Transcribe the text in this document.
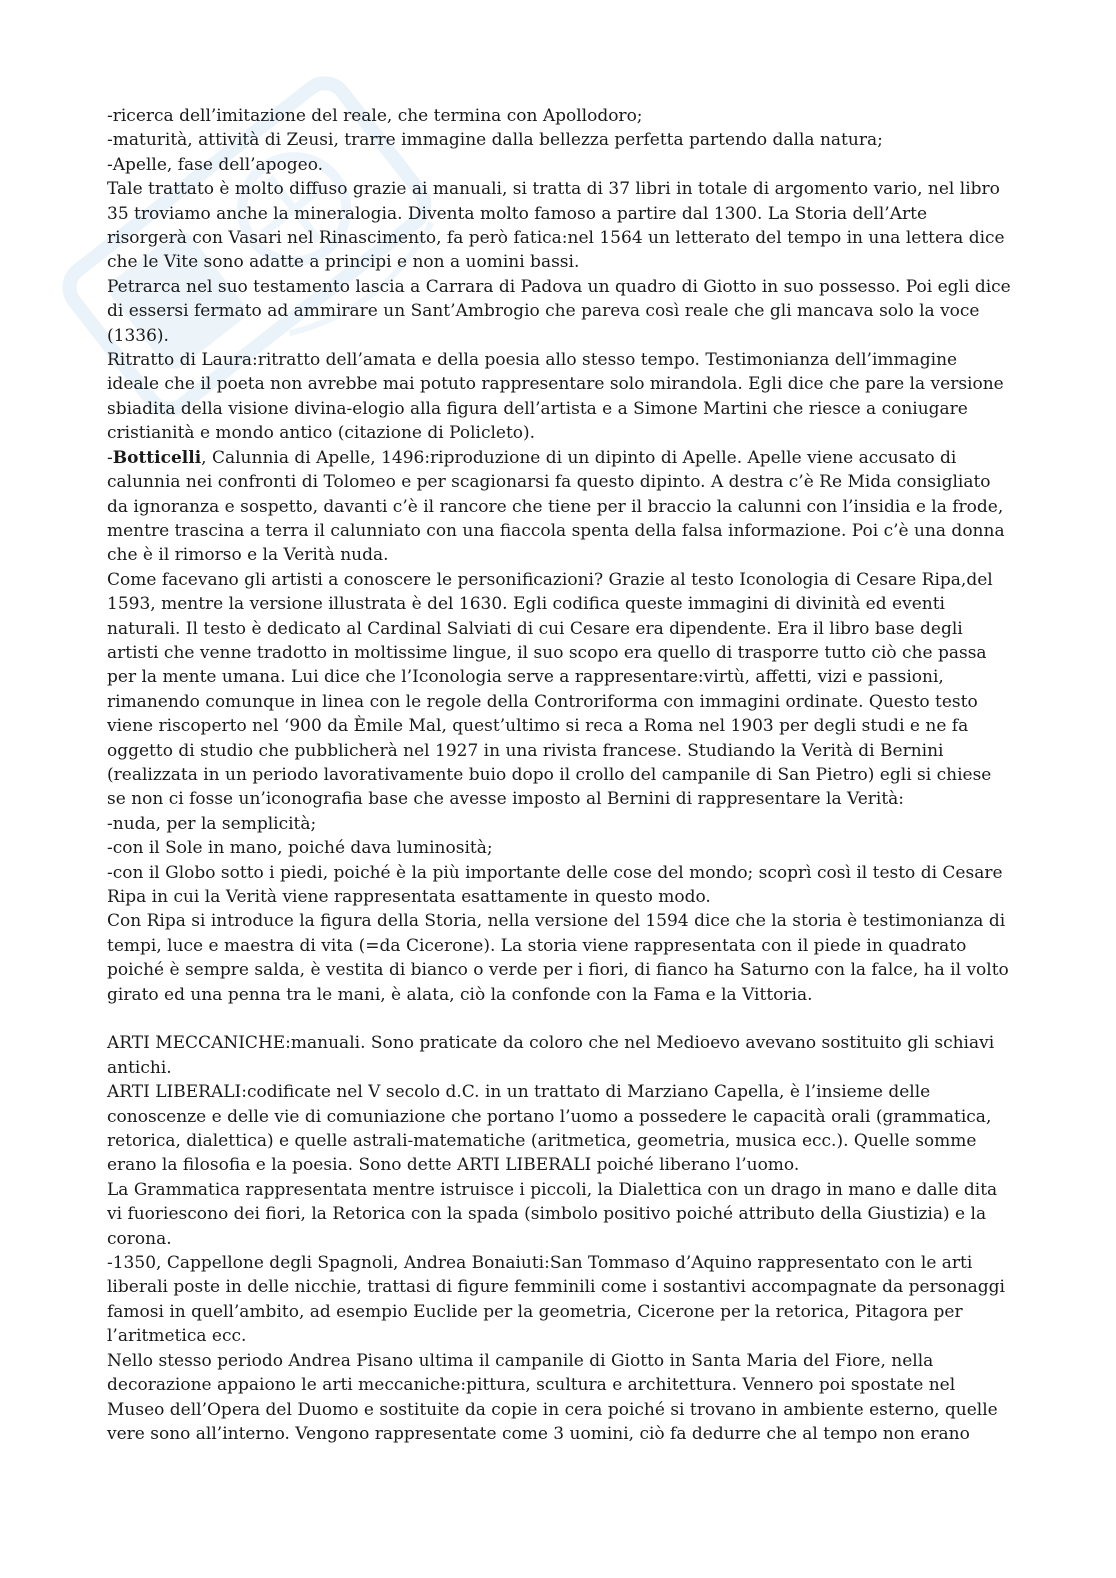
-ricerca dell’imitazione del reale, che termina con Apollodoro;

-maturità, attività di Zeusi, trarre immagine dalla bellezza perfetta partendo dalla natura;

-Apelle, fase dell’apogeo.

Tale trattato è molto diffuso grazie ai manuali, si tratta di 37 libri in totale di argomento vario, nel libro 35 troviamo anche la mineralogia. Diventa molto famoso a partire dal 1300. La Storia dell’Arte risorgerà con Vasari nel Rinascimento, fa però fatica:nel 1564 un letterato del tempo in una lettera dice che le Vite sono adatte a principi e non a uomini bassi.

Petrarca nel suo testamento lascia a Carrara di Padova un quadro di Giotto in suo possesso. Poi egli dice di essersi fermato ad ammirare un Sant’Ambrogio che pareva così reale che gli mancava solo la voce (1336).

Ritratto di Laura:ritratto dell’amata e della poesia allo stesso tempo. Testimonianza dell’immagine ideale che il poeta non avrebbe mai potuto rappresentare solo mirandola. Egli dice che pare la versione sbiadita della visione divina-elogio alla figura dell’artista e a Simone Martini che riesce a coniugare cristianità e mondo antico (citazione di Policleto).

-Botticelli, Calunnia di Apelle, 1496:riproduzione di un dipinto di Apelle. Apelle viene accusato di calunnia nei confronti di Tolomeo e per scagionarsi fa questo dipinto. A destra c’è Re Mida consigliato da ignoranza e sospetto, davanti c’è il rancore che tiene per il braccio la calunni con l’insidia e la frode, mentre trascina a terra il calunniato con una fiaccola spenta della falsa informazione. Poi c’è una donna che è il rimorso e la Verità nuda.

Come facevano gli artisti a conoscere le personificazioni? Grazie al testo Iconologia di Cesare Ripa,del 1593, mentre la versione illustrata è del 1630. Egli codifica queste immagini di divinità ed eventi naturali. Il testo è dedicato al Cardinal Salviati di cui Cesare era dipendente. Era il libro base degli artisti che venne tradotto in moltissime lingue, il suo scopo era quello di trasporre tutto ciò che passa per la mente umana. Lui dice che l’Iconologia serve a rappresentare:virtù, affetti, vizi e passioni, rimanendo comunque in linea con le regole della Controriforma con immagini ordinate. Questo testo viene riscoperto nel ‘900 da Èmile Mal, quest’ultimo si reca a Roma nel 1903 per degli studi e ne fa oggetto di studio che pubblicherà nel 1927 in una rivista francese. Studiando la Verità di Bernini (realizzata in un periodo lavorativamente buio dopo il crollo del campanile di San Pietro) egli si chiese se non ci fosse un’iconografia base che avesse imposto al Bernini di rappresentare la Verità:

-nuda, per la semplicità;

-con il Sole in mano, poiché dava luminosità;

-con il Globo sotto i piedi, poiché è la più importante delle cose del mondo; scoprì così il testo di Cesare Ripa in cui la Verità viene rappresentata esattamente in questo modo.

Con Ripa si introduce la figura della Storia, nella versione del 1594 dice che la storia è testimonianza di tempi, luce e maestra di vita (=da Cicerone). La storia viene rappresentata con il piede in quadrato poiché è sempre salda, è vestita di bianco o verde per i fiori, di fianco ha Saturno con la falce, ha il volto girato ed una penna tra le mani, è alata, ciò la confonde con la Fama e la Vittoria.

ARTI MECCANICHE:manuali. Sono praticate da coloro che nel Medioevo avevano sostituito gli schiavi antichi.

ARTI LIBERALI:codificate nel V secolo d.C. in un trattato di Marziano Capella, è l’insieme delle conoscenze e delle vie di comuniazione che portano l’uomo a possedere le capacità orali (grammatica, retorica, dialettica) e quelle astrali-matematiche (aritmetica, geometria, musica ecc.). Quelle somme erano la filosofia e la poesia. Sono dette ARTI LIBERALI poiché liberano l’uomo.

La Grammatica rappresentata mentre istruisce i piccoli, la Dialettica con un drago in mano e dalle dita vi fuoriescono dei fiori, la Retorica con la spada (simbolo positivo poiché attributo della Giustizia) e la corona.

-1350, Cappellone degli Spagnoli, Andrea Bonaiuti:San Tommaso d’Aquino rappresentato con le arti liberali poste in delle nicchie, trattasi di figure femminili come i sostantivi accompagnate da personaggi famosi in quell’ambito, ad esempio Euclide per la geometria, Cicerone per la retorica, Pitagora per l’aritmetica ecc.

Nello stesso periodo Andrea Pisano ultima il campanile di Giotto in Santa Maria del Fiore, nella decorazione appaiono le arti meccaniche:pittura, scultura e architettura. Vennero poi spostate nel Museo dell’Opera del Duomo e sostituite da copie in cera poiché si trovano in ambiente esterno, quelle vere sono all’interno. Vengono rappresentate come 3 uomini, ciò fa dedurre che al tempo non erano
